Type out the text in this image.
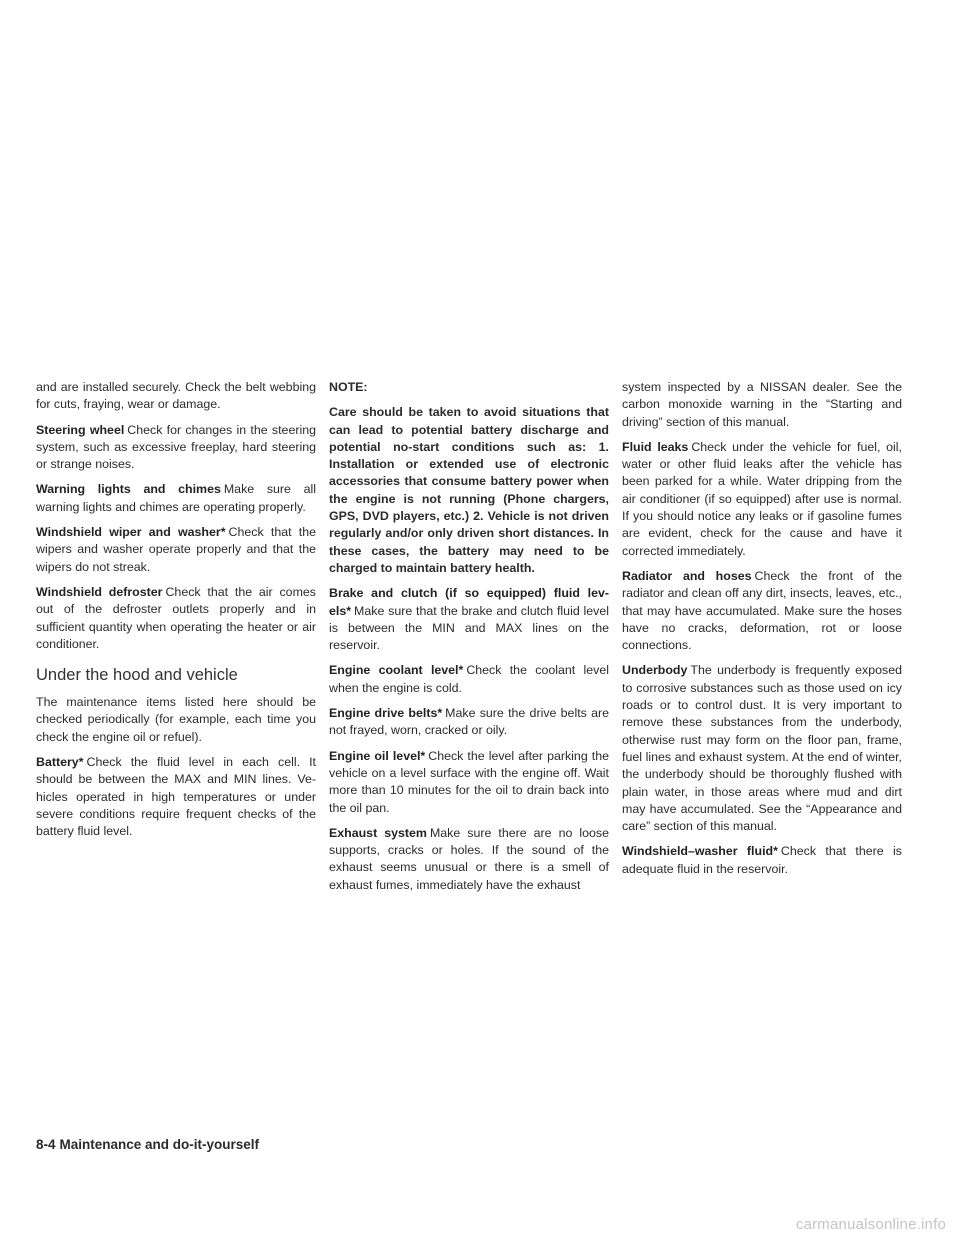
and are installed securely. Check the belt webbing for cuts, fraying, wear or damage.

Steering wheel Check for changes in the steering system, such as excessive freeplay, hard steering or strange noises.

Warning lights and chimes Make sure all warning lights and chimes are operating properly.

Windshield wiper and washer* Check that the wipers and washer operate properly and that the wipers do not streak.

Windshield defroster Check that the air comes out of the defroster outlets properly and in sufficient quantity when operating the heater or air conditioner.

Under the hood and vehicle

The maintenance items listed here should be checked periodically (for example, each time you check the engine oil or refuel).

Battery* Check the fluid level in each cell. It should be between the MAX and MIN lines. Vehicles operated in high temperatures or under severe conditions require frequent checks of the battery fluid level.

NOTE:

Care should be taken to avoid situations that can lead to potential battery discharge and potential no-start conditions such as: 1. Installation or extended use of electronic accessories that consume battery power when the engine is not running (Phone chargers, GPS, DVD players, etc.) 2. Vehicle is not driven regularly and/or only driven short distances. In these cases, the battery may need to be charged to maintain battery health.

Brake and clutch (if so equipped) fluid levels* Make sure that the brake and clutch fluid level is between the MIN and MAX lines on the reservoir.

Engine coolant level* Check the coolant level when the engine is cold.

Engine drive belts* Make sure the drive belts are not frayed, worn, cracked or oily.

Engine oil level* Check the level after parking the vehicle on a level surface with the engine off. Wait more than 10 minutes for the oil to drain back into the oil pan.

Exhaust system Make sure there are no loose supports, cracks or holes. If the sound of the exhaust seems unusual or there is a smell of exhaust fumes, immediately have the exhaust

system inspected by a NISSAN dealer. See the carbon monoxide warning in the “Starting and driving” section of this manual.

Fluid leaks Check under the vehicle for fuel, oil, water or other fluid leaks after the vehicle has been parked for a while. Water dripping from the air conditioner (if so equipped) after use is normal. If you should notice any leaks or if gasoline fumes are evident, check for the cause and have it corrected immediately.

Radiator and hoses Check the front of the radiator and clean off any dirt, insects, leaves, etc., that may have accumulated. Make sure the hoses have no cracks, deformation, rot or loose connections.

Underbody The underbody is frequently exposed to corrosive substances such as those used on icy roads or to control dust. It is very important to remove these substances from the underbody, otherwise rust may form on the floor pan, frame, fuel lines and exhaust system. At the end of winter, the underbody should be thoroughly flushed with plain water, in those areas where mud and dirt may have accumulated. See the “Appearance and care” section of this manual.

Windshield–washer fluid* Check that there is adequate fluid in the reservoir.

8-4 Maintenance and do-it-yourself
carmanualsonline.info
